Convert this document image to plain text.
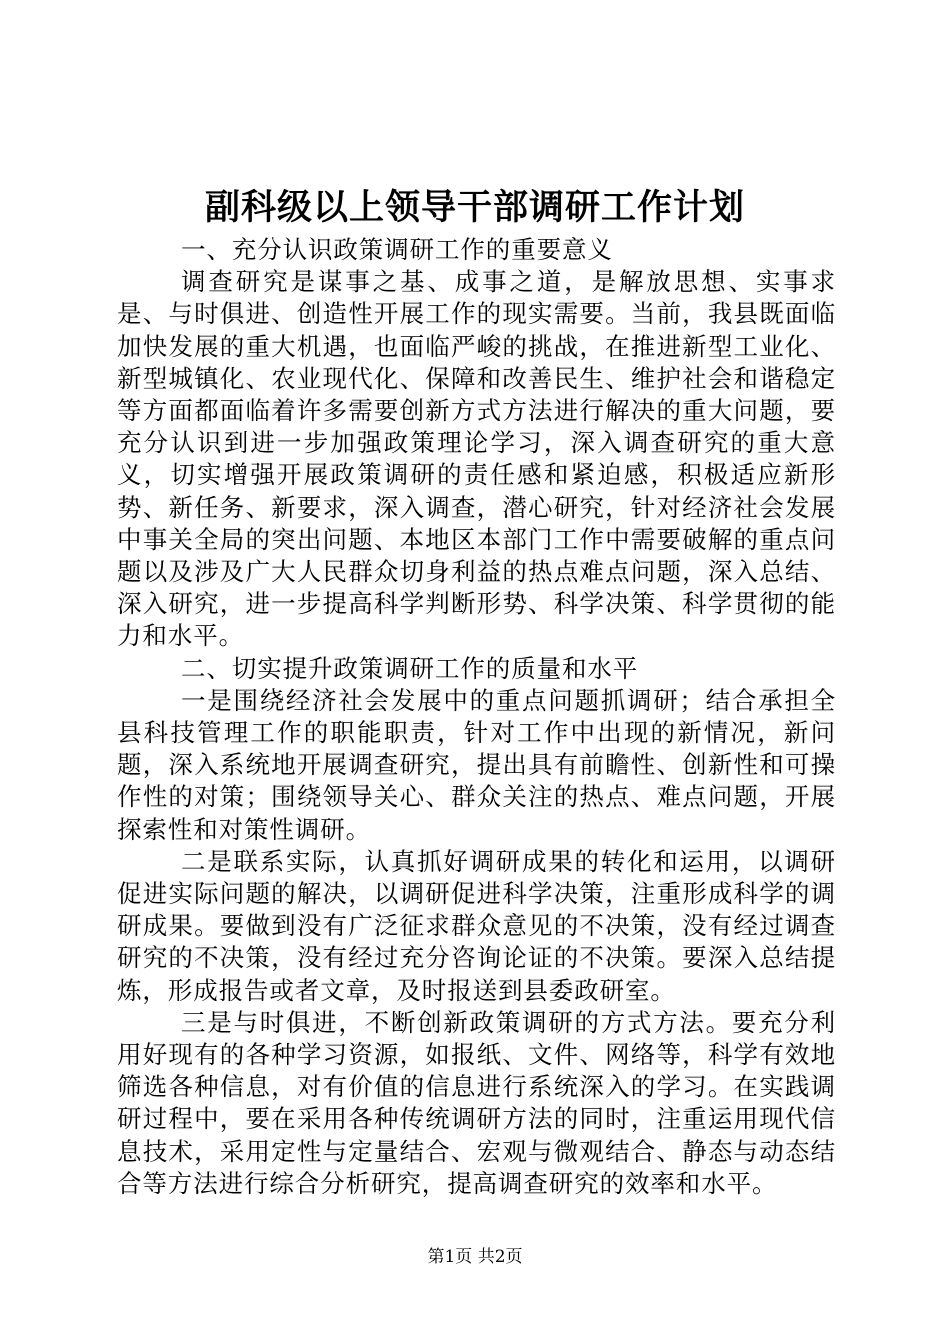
副科级以上领导干部调研工作计划

一、充分认识政策调研工作的重要意义

调查研究是谋事之基、成事之道，是解放思想、实事求是、与时俱进、创造性开展工作的现实需要。当前，我县既面临加快发展的重大机遇，也面临严峻的挑战，在推进新型工业化、新型城镇化、农业现代化、保障和改善民生、维护社会和谐稳定等方面都面临着许多需要创新方式方法进行解决的重大问题，要充分认识到进一步加强政策理论学习，深入调查研究的重大意义，切实增强开展政策调研的责任感和紧迫感，积极适应新形势、新任务、新要求，深入调查，潜心研究，针对经济社会发展中事关全局的突出问题、本地区本部门工作中需要破解的重点问题以及涉及广大人民群众切身利益的热点难点问题，深入总结、深入研究，进一步提高科学判断形势、科学决策、科学贯彻的能力和水平。

二、切实提升政策调研工作的质量和水平

一是围绕经济社会发展中的重点问题抓调研；结合承担全县科技管理工作的职能职责，针对工作中出现的新情况，新问题，深入系统地开展调查研究，提出具有前瞻性、创新性和可操作性的对策；围绕领导关心、群众关注的热点、难点问题，开展探索性和对策性调研。

二是联系实际，认真抓好调研成果的转化和运用，以调研促进实际问题的解决，以调研促进科学决策，注重形成科学的调研成果。要做到没有广泛征求群众意见的不决策，没有经过调查研究的不决策，没有经过充分咨询论证的不决策。要深入总结提炼，形成报告或者文章，及时报送到县委政研室。

三是与时俱进，不断创新政策调研的方式方法。要充分利用好现有的各种学习资源，如报纸、文件、网络等，科学有效地筛选各种信息，对有价值的信息进行系统深入的学习。在实践调研过程中，要在采用各种传统调研方法的同时，注重运用现代信息技术，采用定性与定量结合、宏观与微观结合、静态与动态结合等方法进行综合分析研究，提高调查研究的效率和水平。

第1页 共2页
